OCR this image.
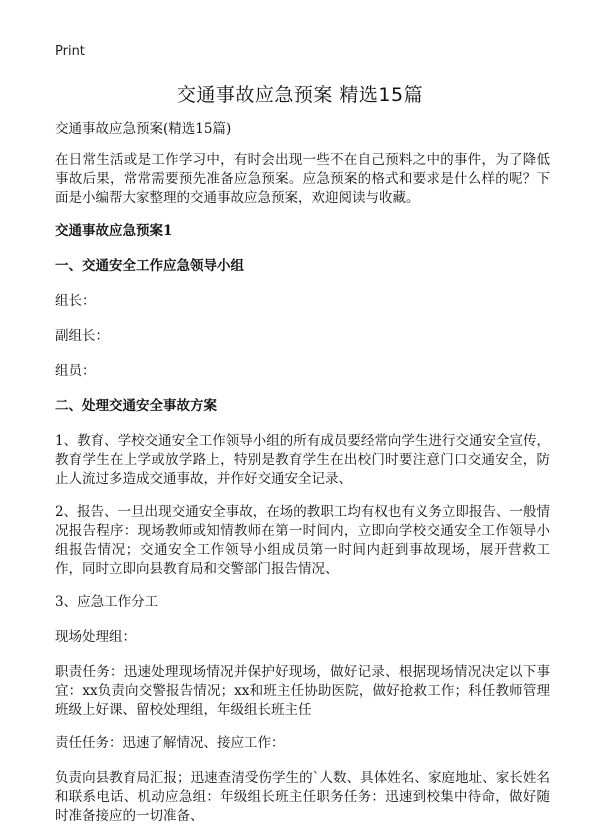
Print
交通事故应急预案 精选15篇

交通事故应急预案(精选15篇)

在日常生活或是工作学习中，有时会出现一些不在自己预料之中的事件，为了降低事故后果，常常需要预先准备应急预案。应急预案的格式和要求是什么样的呢？下面是小编帮大家整理的交通事故应急预案，欢迎阅读与收藏。

交通事故应急预案1
一、交通安全工作应急领导小组

组长：

副组长：

组员：

二、处理交通安全事故方案

1、教育、学校交通安全工作领导小组的所有成员要经常向学生进行交通安全宣传，教育学生在上学或放学路上，特别是教育学生在出校门时要注意门口交通安全，防止人流过多造成交通事故，并作好交通安全记录、

2、报告、一旦出现交通安全事故，在场的教职工均有权也有义务立即报告、一般情况报告程序：现场教师或知情教师在第一时间内，立即向学校交通安全工作领导小组报告情况；交通安全工作领导小组成员第一时间内赶到事故现场，展开营救工作，同时立即向县教育局和交警部门报告情况、

3、应急工作分工

现场处理组：

职责任务：迅速处理现场情况并保护好现场，做好记录、根据现场情况决定以下事宜：xx负责向交警报告情况；xx和班主任协助医院，做好抢救工作；科任教师管理班级上好课、留校处理组，年级组长班主任

责任任务：迅速了解情况、接应工作：

负责向县教育局汇报；迅速查清受伤学生的`人数、具体姓名、家庭地址、家长姓名和联系电话、机动应急组：年级组长班主任职务任务：迅速到校集中待命，做好随时准备接应的一切准备、
